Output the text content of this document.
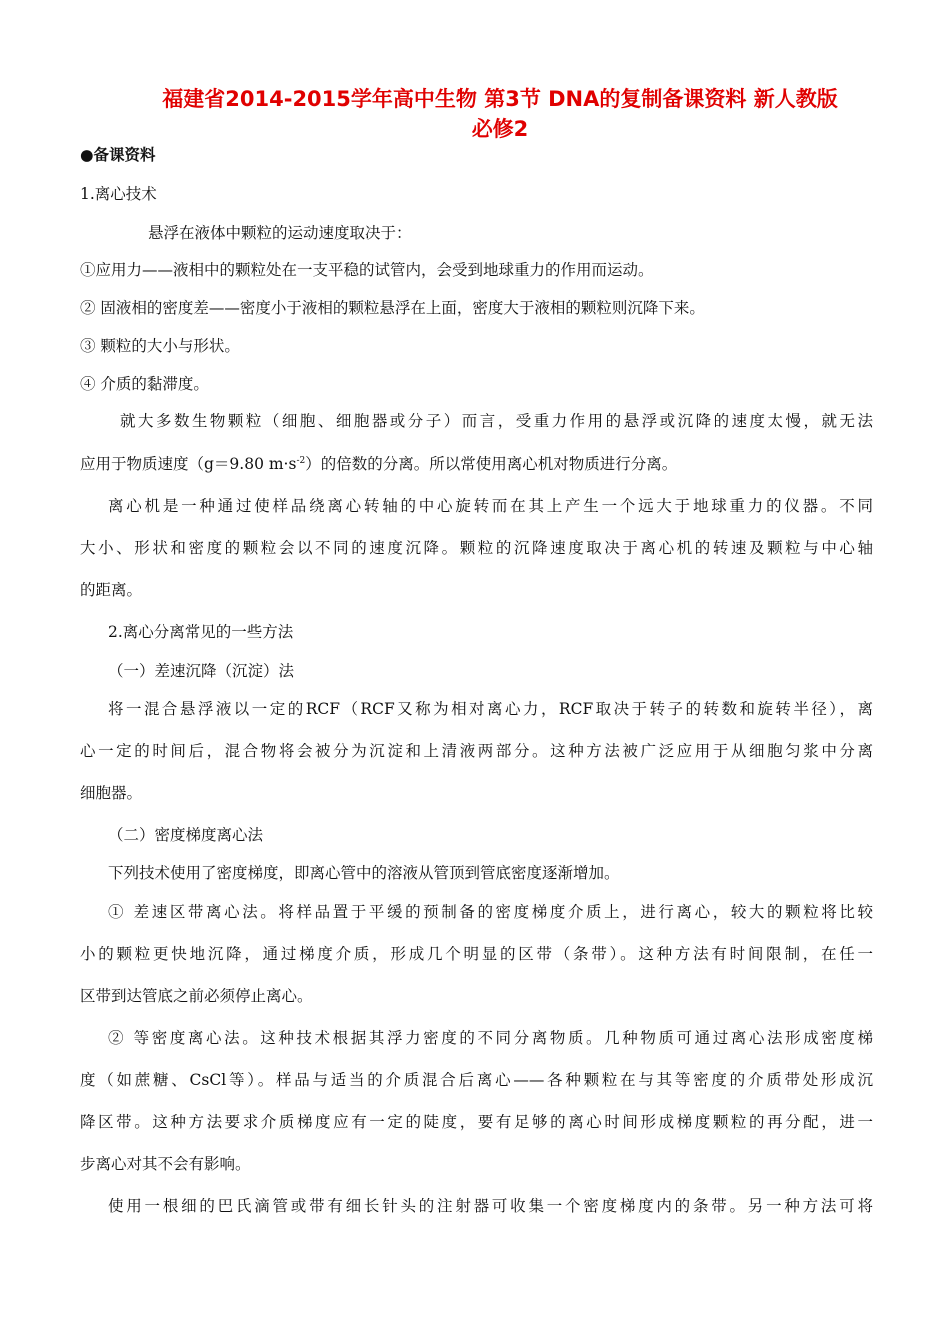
福建省2014-2015学年高中生物 第3节 DNA的复制备课资料 新人教版
必修2
●备课资料
1.离心技术
悬浮在液体中颗粒的运动速度取决于：
①应用力——液相中的颗粒处在一支平稳的试管内，会受到地球重力的作用而运动。
② 固液相的密度差——密度小于液相的颗粒悬浮在上面，密度大于液相的颗粒则沉降下来。
③ 颗粒的大小与形状。
④ 介质的黏滞度。
就大多数生物颗粒（细胞、细胞器或分子）而言，受重力作用的悬浮或沉降的速度太慢，就无法
应用于物质速度（g＝9.80 $m\cdot s^{-2}$）的倍数的分离。所以常使用离心机对物质进行分离。
离心机是一种通过使样品绕离心转轴的中心旋转而在其上产生一个远大于地球重力的仪器。不同
大小、形状和密度的颗粒会以不同的速度沉降。颗粒的沉降速度取决于离心机的转速及颗粒与中心轴
的距离。
2.离心分离常见的一些方法
（一）差速沉降（沉淀）法
将一混合悬浮液以一定的RCF（RCF又称为相对离心力，RCF取决于转子的转数和旋转半径），离
心一定的时间后，混合物将会被分为沉淀和上清液两部分。这种方法被广泛应用于从细胞匀浆中分离
细胞器。
（二）密度梯度离心法
下列技术使用了密度梯度，即离心管中的溶液从管顶到管底密度逐渐增加。
① 差速区带离心法。将样品置于平缓的预制备的密度梯度介质上，进行离心，较大的颗粒将比较
小的颗粒更快地沉降，通过梯度介质，形成几个明显的区带（条带）。这种方法有时间限制，在任一
区带到达管底之前必须停止离心。
② 等密度离心法。这种技术根据其浮力密度的不同分离物质。几种物质可通过离心法形成密度梯
度（如蔗糖、CsCl等）。样品与适当的介质混合后离心——各种颗粒在与其等密度的介质带处形成沉
降区带。这种方法要求介质梯度应有一定的陡度，要有足够的离心时间形成梯度颗粒的再分配，进一
步离心对其不会有影响。
使用一根细的巴氏滴管或带有细长针头的注射器可收集一个密度梯度内的条带。另一种方法可将
